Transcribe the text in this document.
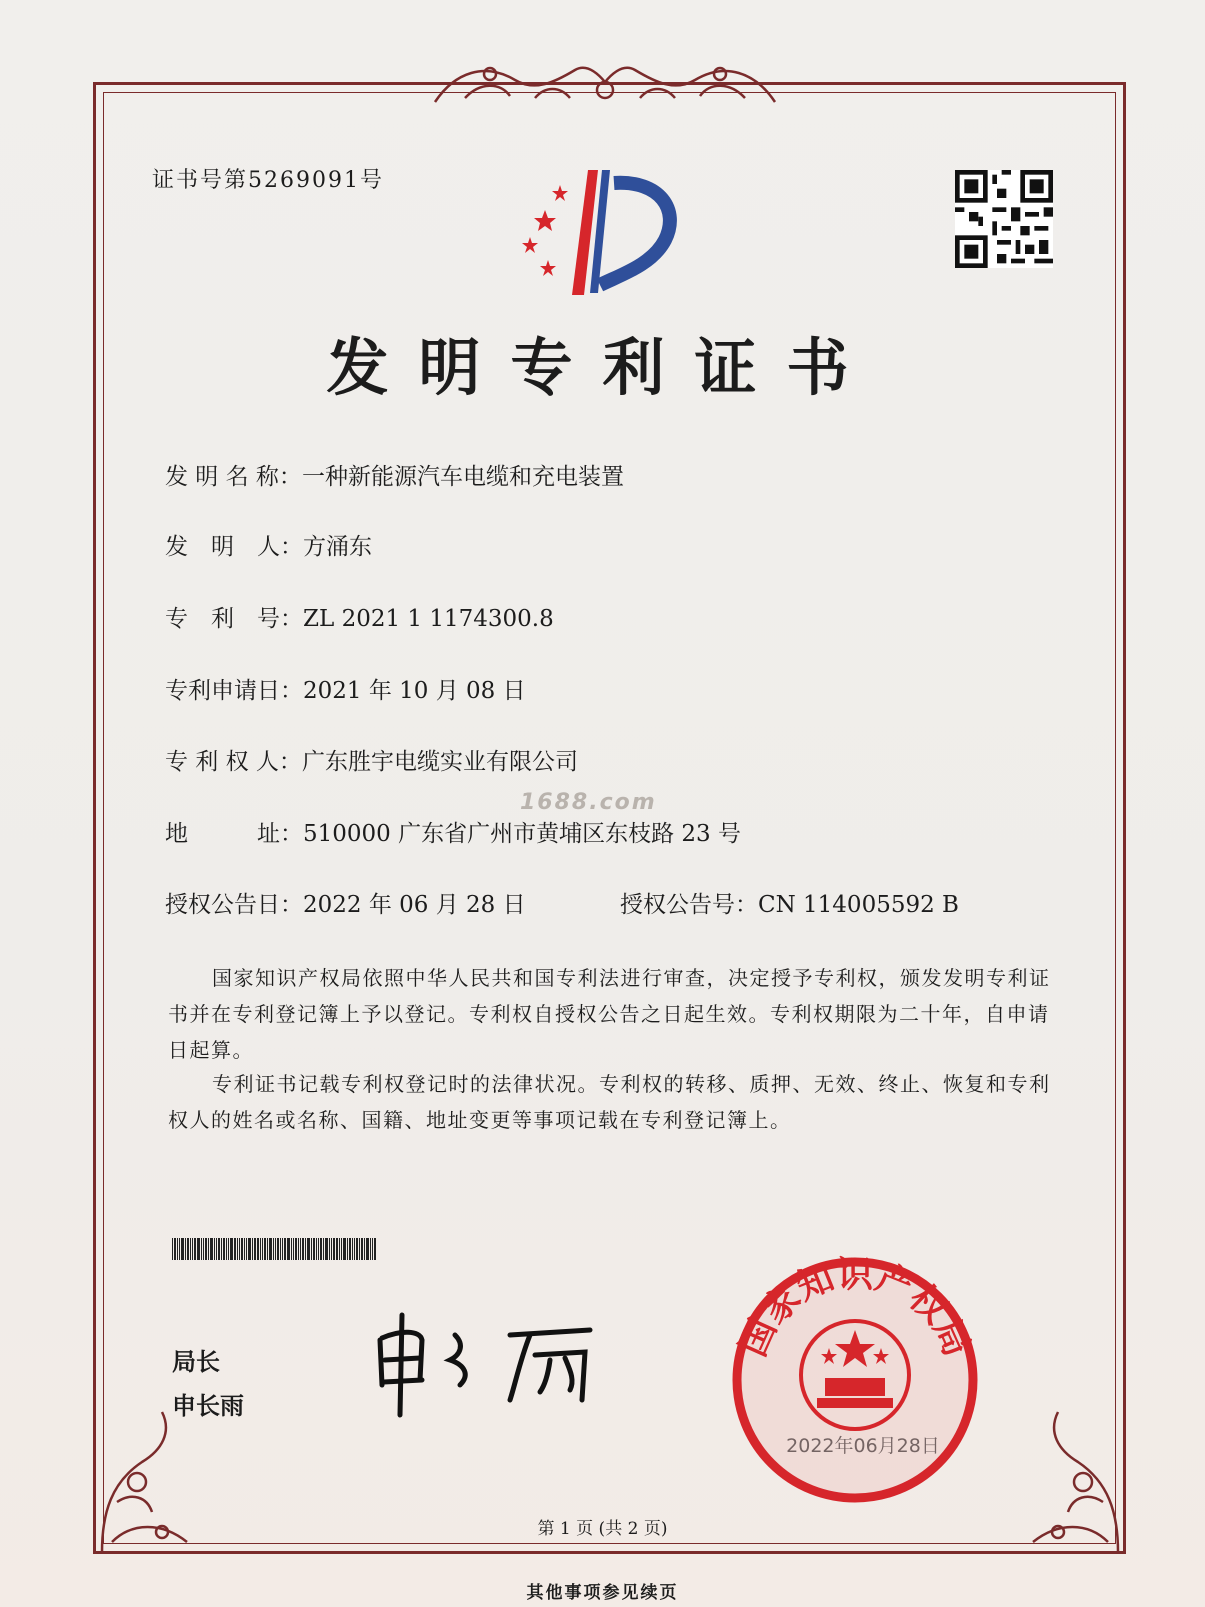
证书号第5269091号
发明专利证书
发 明 名 称：一种新能源汽车电缆和充电装置
发　明　人：方涌东
专　利　号：ZL 2021 1 1174300.8
专利申请日：2021 年 10 月 08 日
专 利 权 人：广东胜宇电缆实业有限公司
1688.com
地　　　址：510000 广东省广州市黄埔区东枝路 23 号
授权公告日：2022 年 06 月 28 日	授权公告号：CN 114005592 B
国家知识产权局依照中华人民共和国专利法进行审查，决定授予专利权，颁发发明专利证书并在专利登记簿上予以登记。专利权自授权公告之日起生效。专利权期限为二十年，自申请日起算。
专利证书记载专利权登记时的法律状况。专利权的转移、质押、无效、终止、恢复和专利权人的姓名或名称、国籍、地址变更等事项记载在专利登记簿上。
局长
申长雨
国家知识产权局
2022年06月28日
第 1 页 (共 2 页)
其他事项参见续页
